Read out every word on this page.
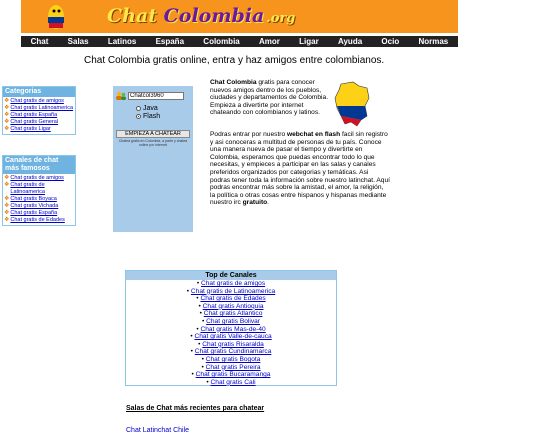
Chat Colombia .org
Chat Salas Latinos España Colombia Amor Ligar Ayuda Ocio Normas
Chat Colombia gratis online, entra y haz amigos entre colombianos.
Categorias
❖ Chat gratis de amigos
❖ Chat gratis Latinoamerica
❖ Chat gratis España
❖ Chat gratis General
❖ Chat gratis Ligar
Canales de chat más famosos
❖ Chat gratis de amigos
❖ Chat gratis de Latinoamerica
❖ Chat gratis Boyaca
❖ Chat gratis Vichada
❖ Chat gratis España
❖ Chat gratis de Edades
Chatcol3960
Java
Flash
EMPIEZA A CHATEAR
Chateá gratis en Colombia, a partir y chatea online por internet
Chat Colombia gratis para conocer nuevos amigos dentro de los pueblos, ciudades y departamentos de Colombia. Empieza a divertirte por internet chateando con colombianos y latinos.
Podras entrar por nuestro webchat en flash facil sin registro y asi conoceras a multitud de personas de tu país. Conoce una manera nueva de pasar el tiempo y divertirte en Colombia, esperamos que puedas encontrar todo lo que necesitas, y empieces a participar en las salas y canales preferidos organizados por categorias y temáticas. Asi podras tener toda la información sobre nuestro latinchat. Aquí podras encontrar más sobre la amistad, el amor, la religión, la política o otras cosas entre hispanos y hispanas mediante nuestro irc gratuito.
Top de Canales
• Chat gratis de amigos
• Chat gratis de Latinoamerica
• Chat gratis de Edades
• Chat gratis Antioquia
• Chat gratis Atlantico
• Chat gratis Bolivar
• Chat gratis Mas-de-40
• Chat gratis Valle-de-cauca
• Chat gratis Risaralda
• Chat gratis Cundinamarca
• Chat gratis Bogota
• Chat gratis Pereira
• Chat gratis Bucaramanga
• Chat gratis Cali
Salas de Chat más recientes para chatear
Chat Latinchat Chile
